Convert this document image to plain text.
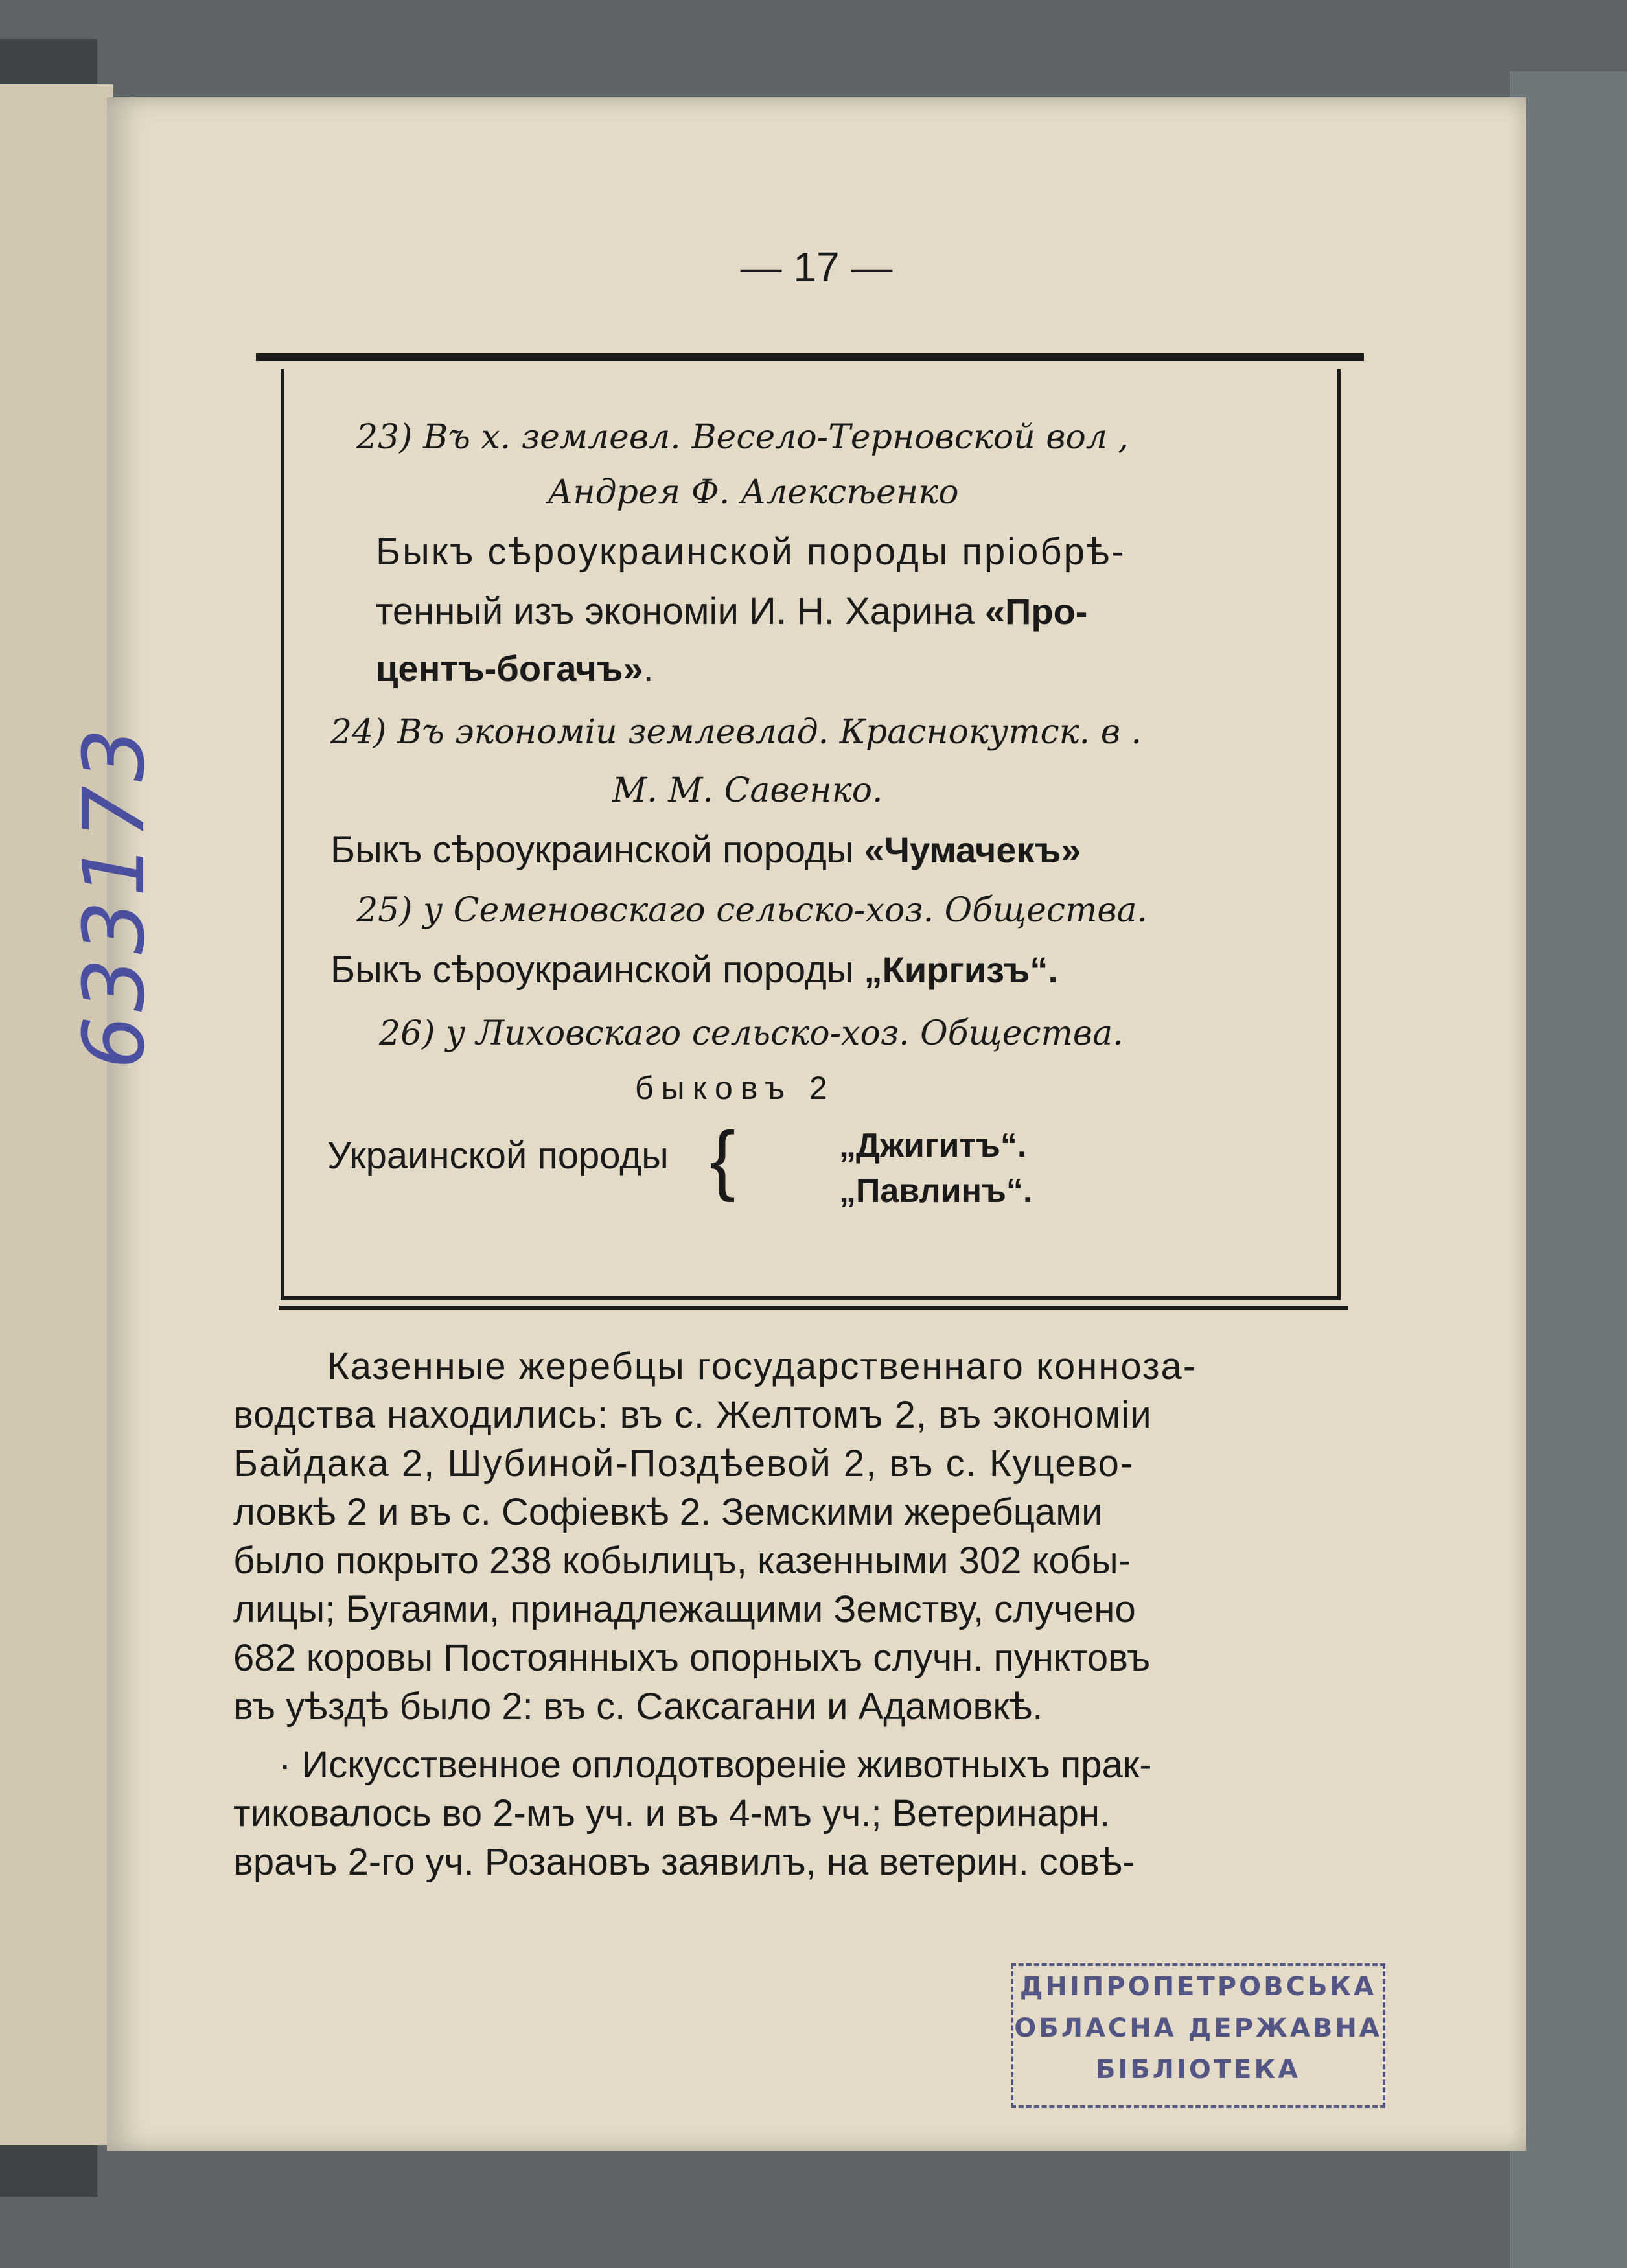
— 17 —
23) Въ х. землевл. Весело-Терновской вол ,
Андрея Ф. Алексѣенко
Быкъ сѣроукраинской породы пріобрѣ-
тенный изъ экономіи И. Н. Харина «Про-
центъ-богачъ».
24) Въ экономіи землевлад. Краснокутск. в .
М. М. Савенко.
Быкъ сѣроукраинской породы «Чумачекъ»
25) у Семеновскаго сельско-хоз. Общества.
Быкъ сѣроукраинской породы „Киргизъ“.
26) у Лиховскаго сельско-хоз. Общества.
быковъ 2
Украинской породы {	„Джигитъ“.
„Павлинъ“.
Казенные жеребцы государственнаго конноза-
водства находились: въ с. Желтомъ 2, въ экономіи
Байдака 2, Шубиной-Поздѣевой 2, въ с. Куцево-
ловкѣ 2 и въ с. Софіевкѣ 2. Земскими жеребцами
было покрыто 238 кобылицъ, казенными 302 кобы-
лицы; Бугаями, принадлежащими Земству, случено
682 коровы Постоянныхъ опорныхъ случн. пунктовъ
въ уѣздѣ было 2: въ с. Саксагани и Адамовкѣ.
· Искусственное оплодотвореніе животныхъ прак-
тиковалось во 2-мъ уч. и въ 4-мъ уч.; Ветеринарн.
врачъ 2-го уч. Розановъ заявилъ, на ветерин. совѣ-
ДНІПРОПЕТРОВСЬКА
ОБЛАСНА ДЕРЖАВНА
БІБЛІОТЕКА
633173
